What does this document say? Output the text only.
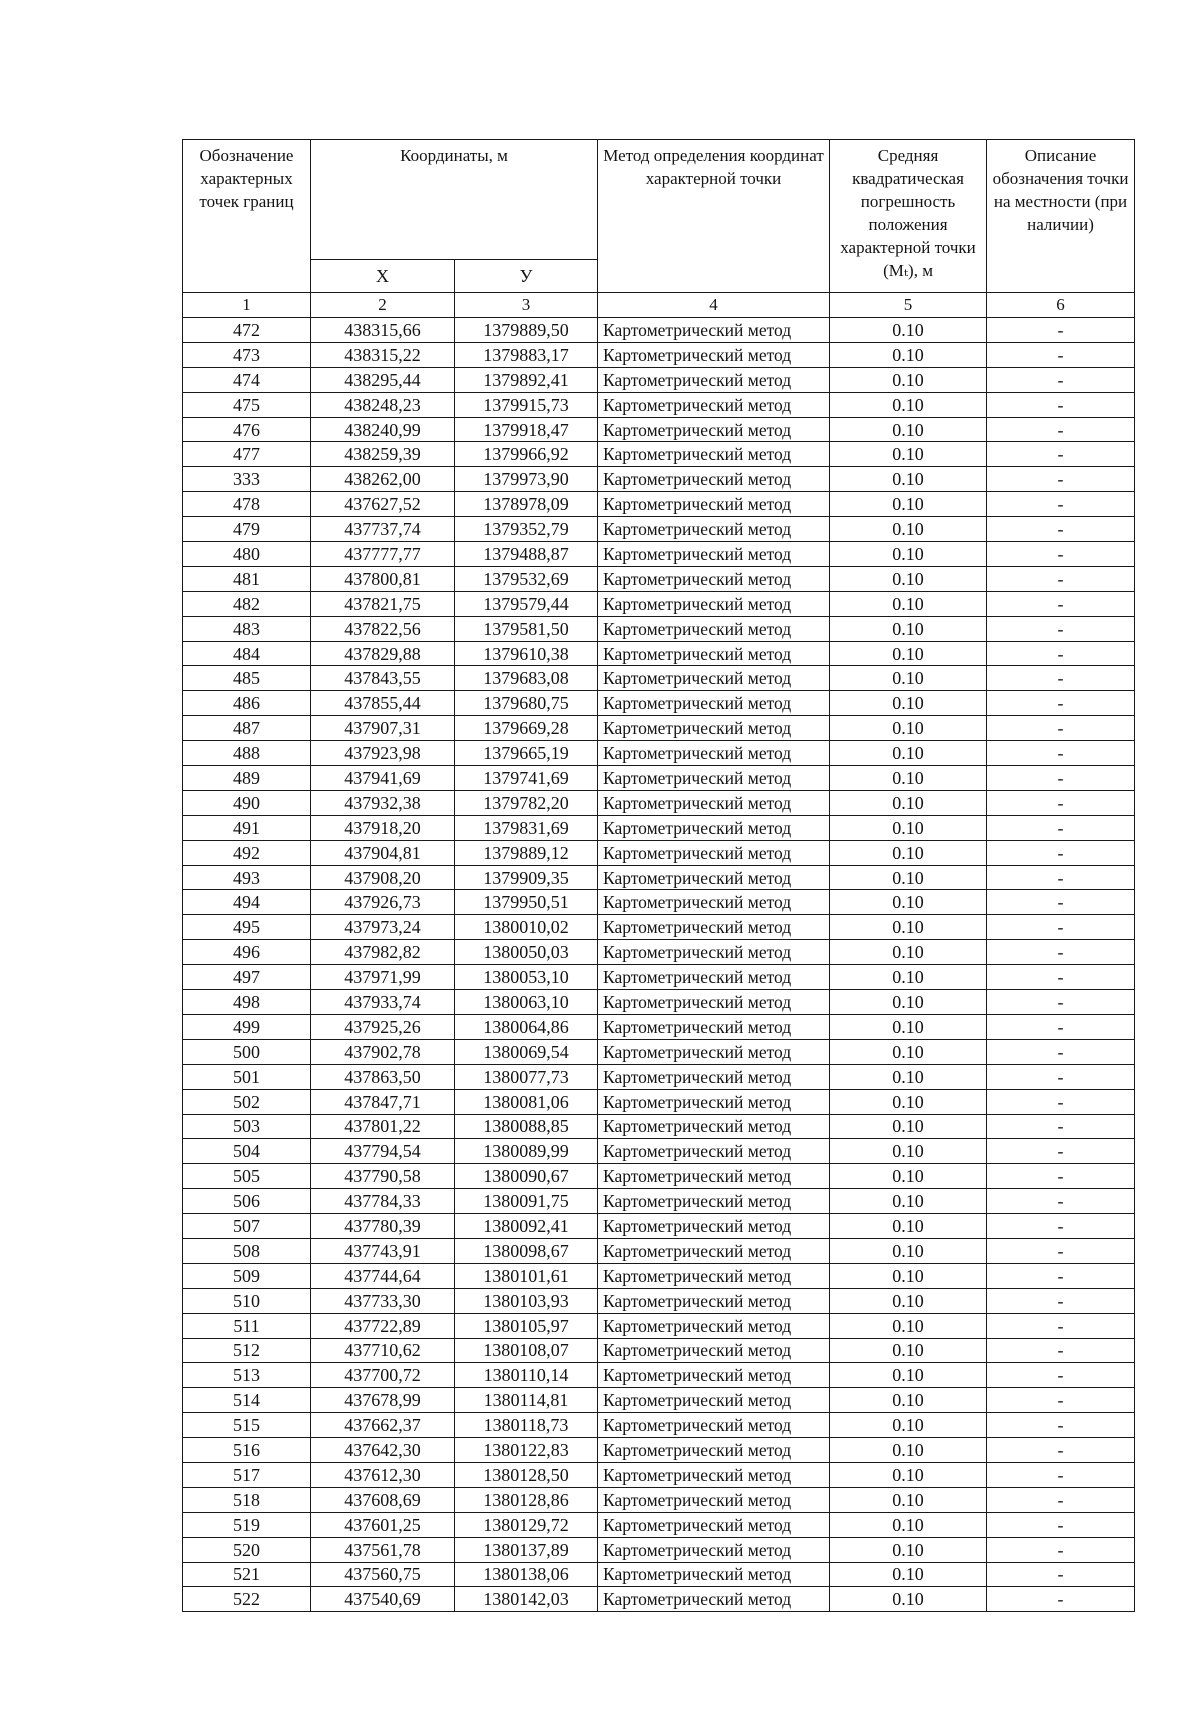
Обозначение характерных точек границ	Координаты, м		Метод определения координат характерной точки	Средняя квадратическая погрешность положения характерной точки (Mₜ), м	Описание обозначения точки на местности (при наличии)

	X	У			
1	2	3	4	5	6
472	438315,66	1379889,50	Картометрический метод	0.10	-
473	438315,22	1379883,17	Картометрический метод	0.10	-
474	438295,44	1379892,41	Картометрический метод	0.10	-
475	438248,23	1379915,73	Картометрический метод	0.10	-
476	438240,99	1379918,47	Картометрический метод	0.10	-
477	438259,39	1379966,92	Картометрический метод	0.10	-
333	438262,00	1379973,90	Картометрический метод	0.10	-
478	437627,52	1378978,09	Картометрический метод	0.10	-
479	437737,74	1379352,79	Картометрический метод	0.10	-
480	437777,77	1379488,87	Картометрический метод	0.10	-
481	437800,81	1379532,69	Картометрический метод	0.10	-
482	437821,75	1379579,44	Картометрический метод	0.10	-
483	437822,56	1379581,50	Картометрический метод	0.10	-
484	437829,88	1379610,38	Картометрический метод	0.10	-
485	437843,55	1379683,08	Картометрический метод	0.10	-
486	437855,44	1379680,75	Картометрический метод	0.10	-
487	437907,31	1379669,28	Картометрический метод	0.10	-
488	437923,98	1379665,19	Картометрический метод	0.10	-
489	437941,69	1379741,69	Картометрический метод	0.10	-
490	437932,38	1379782,20	Картометрический метод	0.10	-
491	437918,20	1379831,69	Картометрический метод	0.10	-
492	437904,81	1379889,12	Картометрический метод	0.10	-
493	437908,20	1379909,35	Картометрический метод	0.10	-
494	437926,73	1379950,51	Картометрический метод	0.10	-
495	437973,24	1380010,02	Картометрический метод	0.10	-
496	437982,82	1380050,03	Картометрический метод	0.10	-
497	437971,99	1380053,10	Картометрический метод	0.10	-
498	437933,74	1380063,10	Картометрический метод	0.10	-
499	437925,26	1380064,86	Картометрический метод	0.10	-
500	437902,78	1380069,54	Картометрический метод	0.10	-
501	437863,50	1380077,73	Картометрический метод	0.10	-
502	437847,71	1380081,06	Картометрический метод	0.10	-
503	437801,22	1380088,85	Картометрический метод	0.10	-
504	437794,54	1380089,99	Картометрический метод	0.10	-
505	437790,58	1380090,67	Картометрический метод	0.10	-
506	437784,33	1380091,75	Картометрический метод	0.10	-
507	437780,39	1380092,41	Картометрический метод	0.10	-
508	437743,91	1380098,67	Картометрический метод	0.10	-
509	437744,64	1380101,61	Картометрический метод	0.10	-
510	437733,30	1380103,93	Картометрический метод	0.10	-
511	437722,89	1380105,97	Картометрический метод	0.10	-
512	437710,62	1380108,07	Картометрический метод	0.10	-
513	437700,72	1380110,14	Картометрический метод	0.10	-
514	437678,99	1380114,81	Картометрический метод	0.10	-
515	437662,37	1380118,73	Картометрический метод	0.10	-
516	437642,30	1380122,83	Картометрический метод	0.10	-
517	437612,30	1380128,50	Картометрический метод	0.10	-
518	437608,69	1380128,86	Картометрический метод	0.10	-
519	437601,25	1380129,72	Картометрический метод	0.10	-
520	437561,78	1380137,89	Картометрический метод	0.10	-
521	437560,75	1380138,06	Картометрический метод	0.10	-
522	437540,69	1380142,03	Картометрический метод	0.10	-
